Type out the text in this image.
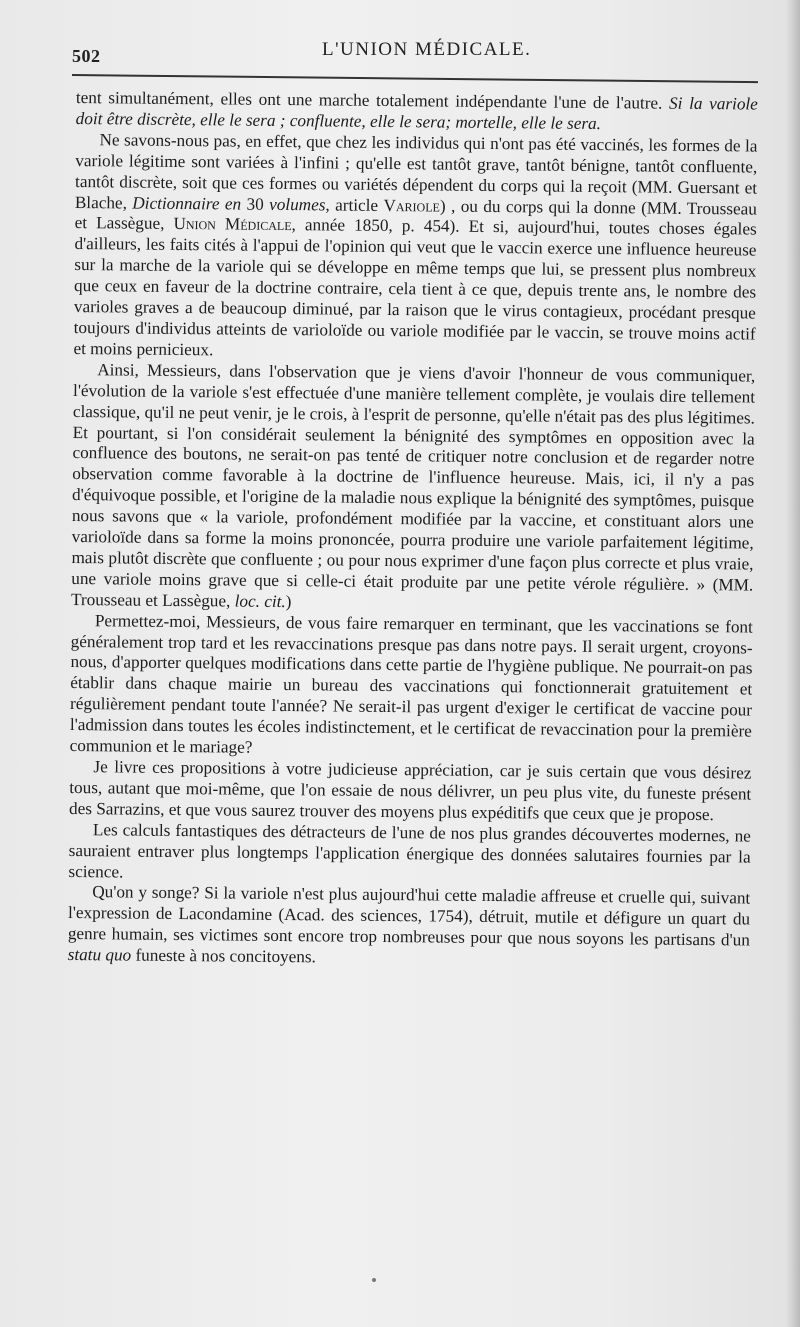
502	L'UNION MÉDICALE.

tent simultanément, elles ont une marche totalement indépendante l'une de l'autre. Si la variole doit être discrète, elle le sera ; confluente, elle le sera; mortelle, elle le sera.

Ne savons-nous pas, en effet, que chez les individus qui n'ont pas été vaccinés, les formes de la variole légitime sont variées à l'infini ; qu'elle est tantôt grave, tantôt bénigne, tantôt confluente, tantôt discrète, soit que ces formes ou variétés dépendent du corps qui la reçoit (MM. Guersant et Blache, Dictionnaire en 30 volumes, article Variole) , ou du corps qui la donne (MM. Trousseau et Lassègue, Union Médicale, année 1850, p. 454). Et si, aujourd'hui, toutes choses égales d'ailleurs, les faits cités à l'appui de l'opinion qui veut que le vaccin exerce une influence heureuse sur la marche de la variole qui se développe en même temps que lui, se pressent plus nombreux que ceux en faveur de la doctrine contraire, cela tient à ce que, depuis trente ans, le nombre des varioles graves a de beaucoup diminué, par la raison que le virus contagieux, procédant presque toujours d'individus atteints de varioloïde ou variole modifiée par le vaccin, se trouve moins actif et moins pernicieux.

Ainsi, Messieurs, dans l'observation que je viens d'avoir l'honneur de vous communiquer, l'évolution de la variole s'est effectuée d'une manière tellement complète, je voulais dire tellement classique, qu'il ne peut venir, je le crois, à l'esprit de personne, qu'elle n'était pas des plus légitimes. Et pourtant, si l'on considérait seulement la bénignité des symptômes en opposition avec la confluence des boutons, ne serait-on pas tenté de critiquer notre conclusion et de regarder notre observation comme favorable à la doctrine de l'influence heureuse. Mais, ici, il n'y a pas d'équivoque possible, et l'origine de la maladie nous explique la bénignité des symptômes, puisque nous savons que « la variole, profondément modifiée par la vaccine, et constituant alors une varioloïde dans sa forme la moins prononcée, pourra produire une variole parfaitement légitime, mais plutôt discrète que confluente ; ou pour nous exprimer d'une façon plus correcte et plus vraie, une variole moins grave que si celle-ci était produite par une petite vérole régulière. » (MM. Trousseau et Lassègue, loc. cit.)

Permettez-moi, Messieurs, de vous faire remarquer en terminant, que les vaccinations se font généralement trop tard et les revaccinations presque pas dans notre pays. Il serait urgent, croyons-nous, d'apporter quelques modifications dans cette partie de l'hygiène publique. Ne pourrait-on pas établir dans chaque mairie un bureau des vaccinations qui fonctionnerait gratuitement et régulièrement pendant toute l'année? Ne serait-il pas urgent d'exiger le certificat de vaccine pour l'admission dans toutes les écoles indistinctement, et le certificat de revaccination pour la première communion et le mariage?

Je livre ces propositions à votre judicieuse appréciation, car je suis certain que vous désirez tous, autant que moi-même, que l'on essaie de nous délivrer, un peu plus vite, du funeste présent des Sarrazins, et que vous saurez trouver des moyens plus expéditifs que ceux que je propose.

Les calculs fantastiques des détracteurs de l'une de nos plus grandes découvertes modernes, ne sauraient entraver plus longtemps l'application énergique des données salutaires fournies par la science.

Qu'on y songe? Si la variole n'est plus aujourd'hui cette maladie affreuse et cruelle qui, suivant l'expression de Lacondamine (Acad. des sciences, 1754), détruit, mutile et défigure un quart du genre humain, ses victimes sont encore trop nombreuses pour que nous soyons les partisans d'un statu quo funeste à nos concitoyens.
